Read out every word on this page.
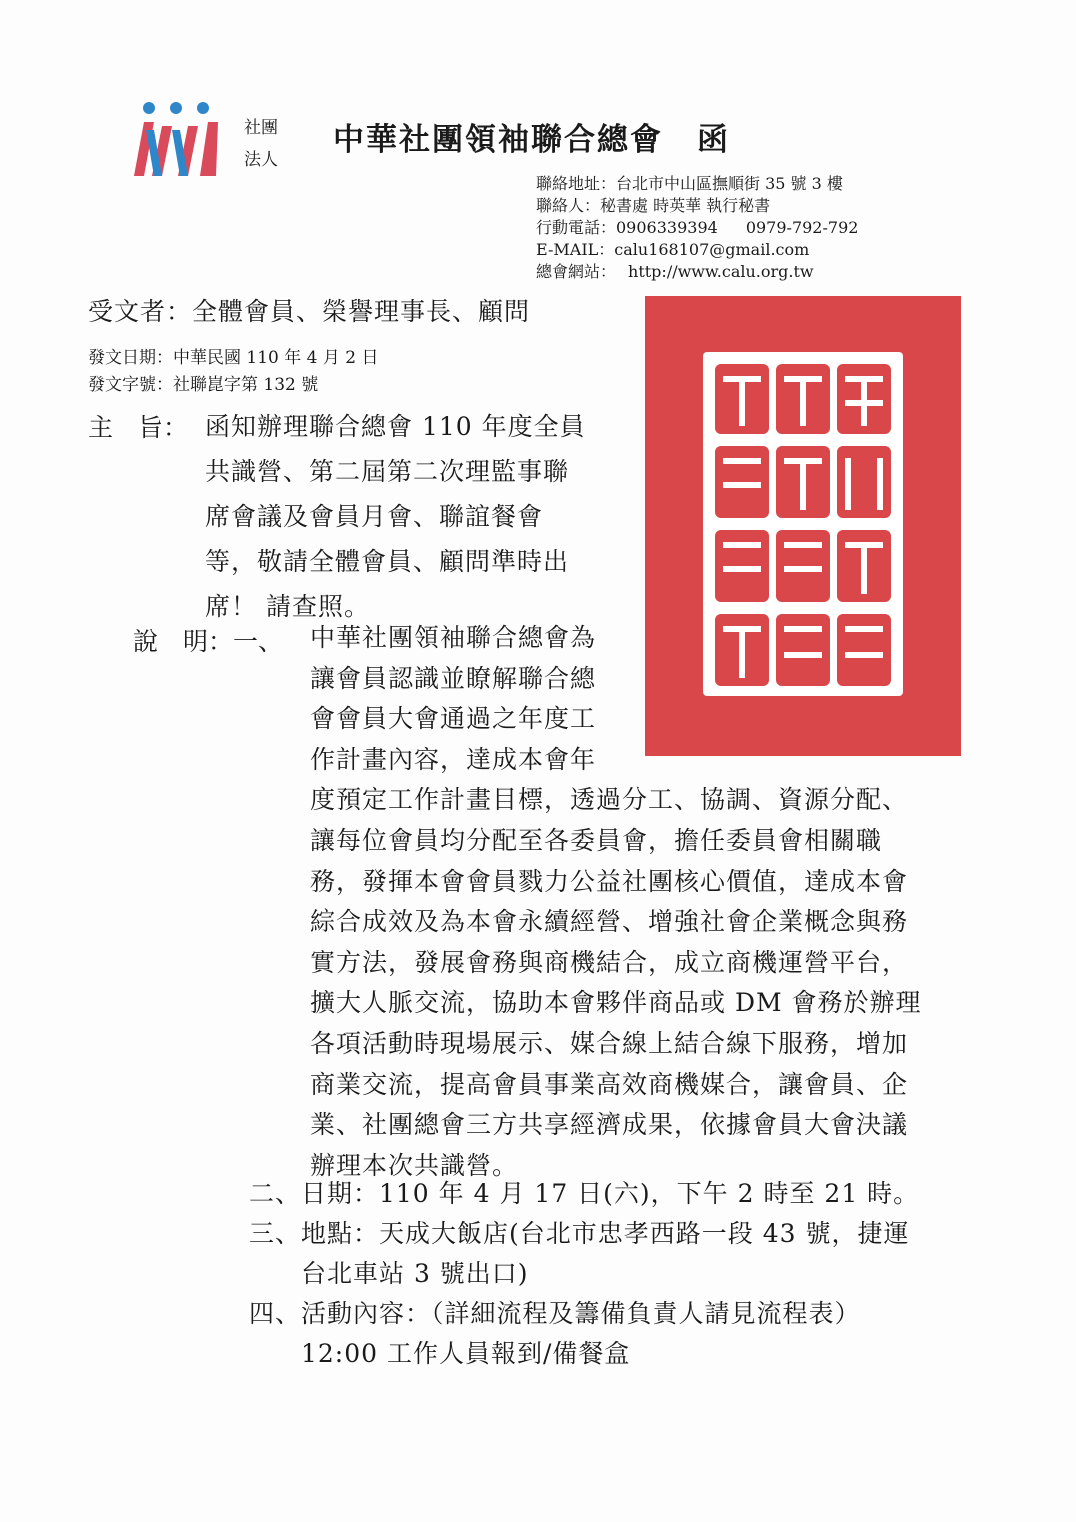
社團
法人
中華社團領袖聯合總會 函
聯絡地址：台北市中山區撫順街 35 號 3 樓
聯絡人：秘書處 時英華 執行秘書
行動電話：0906339394 0979-792-792
E-MAIL：calu168107@gmail.com
總會網站： http://www.calu.org.tw
受文者：全體會員、榮譽理事長、顧問
發文日期：中華民國 110 年 4 月 2 日
發文字號：社聯崑字第 132 號
主　旨： 函知辦理聯合總會 110 年度全員
共識營、第二屆第二次理監事聯
席會議及會員月會、聯誼餐會
等，敬請全體會員、顧問準時出
席！ 請查照。
說　明：一、 中華社團領袖聯合總會為
讓會員認識並瞭解聯合總
會會員大會通過之年度工
作計畫內容，達成本會年
度預定工作計畫目標，透過分工、協調、資源分配、
讓每位會員均分配至各委員會，擔任委員會相關職
務，發揮本會會員戮力公益社團核心價值，達成本會
綜合成效及為本會永續經營、增強社會企業概念與務
實方法，發展會務與商機結合，成立商機運營平台，
擴大人脈交流，協助本會夥伴商品或 DM 會務於辦理
各項活動時現場展示、媒合線上結合線下服務，增加
商業交流，提高會員事業高效商機媒合，讓會員、企
業、社團總會三方共享經濟成果，依據會員大會決議
辦理本次共識營。
二、日期：110 年 4 月 17 日(六)，下午 2 時至 21 時。
三、地點：天成大飯店(台北市忠孝西路一段 43 號，捷運
台北車站 3 號出口)
四、活動內容：（詳細流程及籌備負責人請見流程表）
12:00 工作人員報到/備餐盒
